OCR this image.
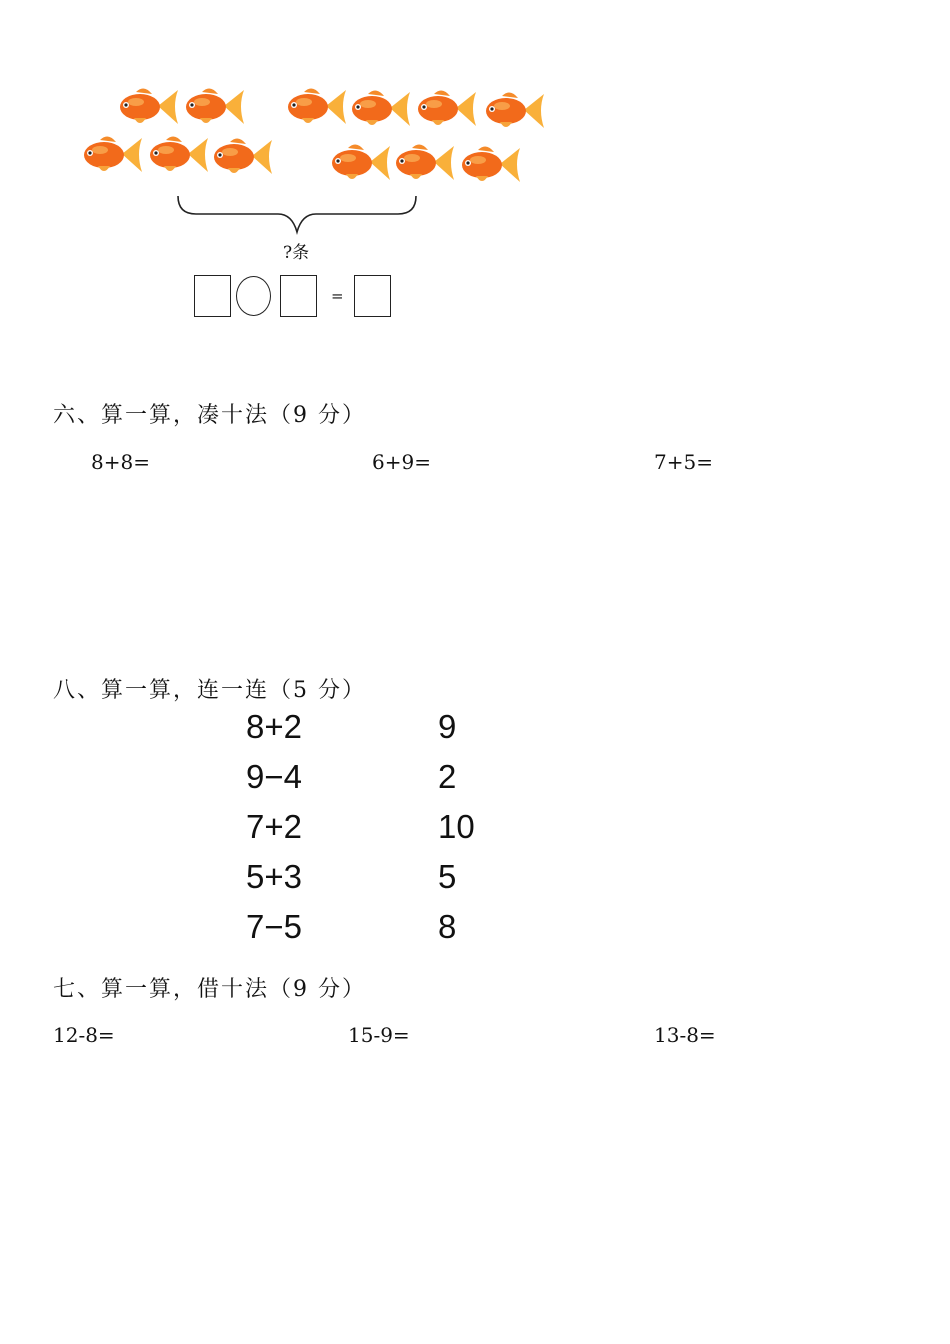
?条
=
六、算一算，凑十法（9 分）
8+8=	6+9=	7+5=
八、算一算，连一连（5 分）
8+2
9−4
7+2
5+3
7−5
9
2
10
5
8
七、算一算，借十法（9 分）
12-8=	15-9=	13-8=
